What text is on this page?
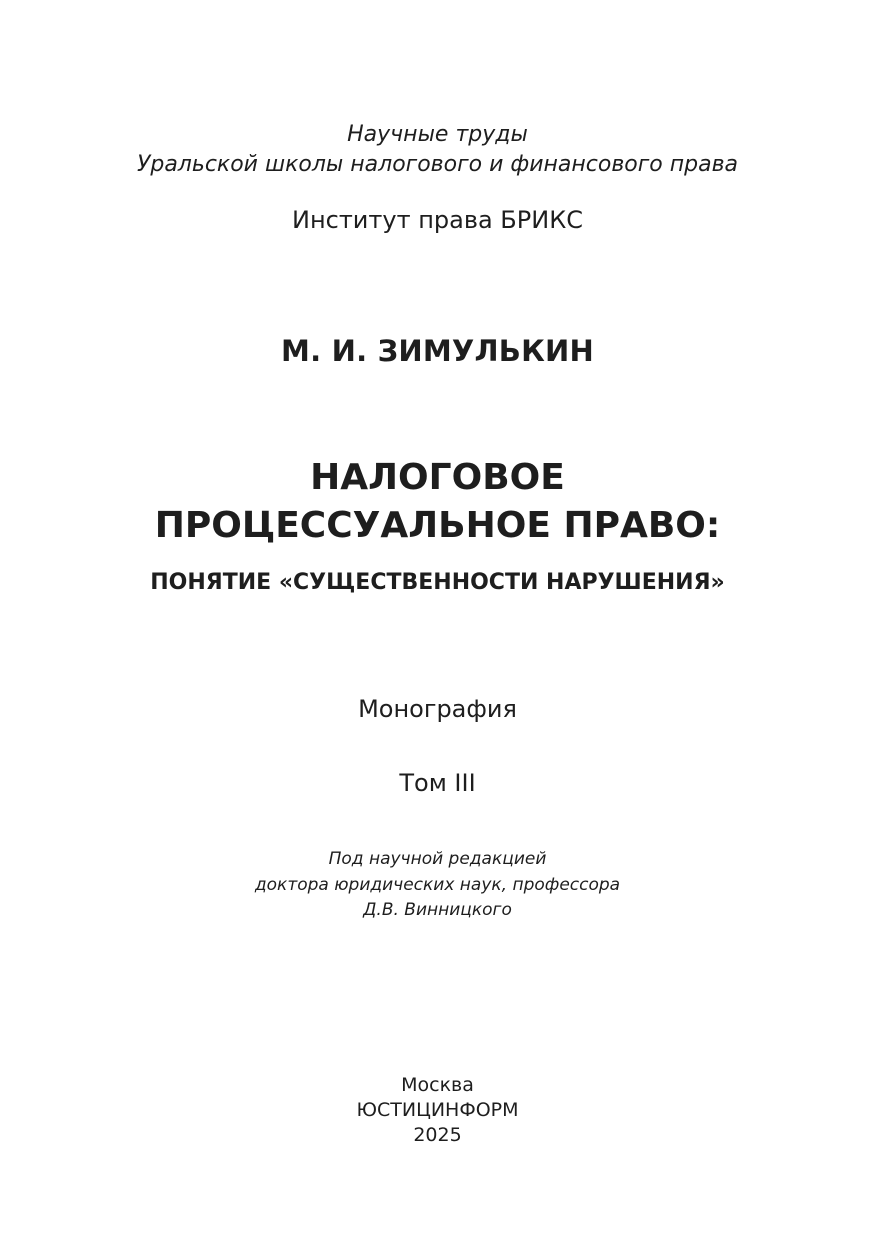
Научные труды
Уральской школы налогового и финансового права
Институт права БРИКС
М. И. ЗИМУЛЬКИН
НАЛОГОВОЕ
ПРОЦЕССУАЛЬНОЕ ПРАВО:
ПОНЯТИЕ «СУЩЕСТВЕННОСТИ НАРУШЕНИЯ»
Монография
Том III
Под научной редакцией
доктора юридических наук, профессора
Д.В. Винницкого
Москва
ЮСТИЦИНФОРМ
2025
